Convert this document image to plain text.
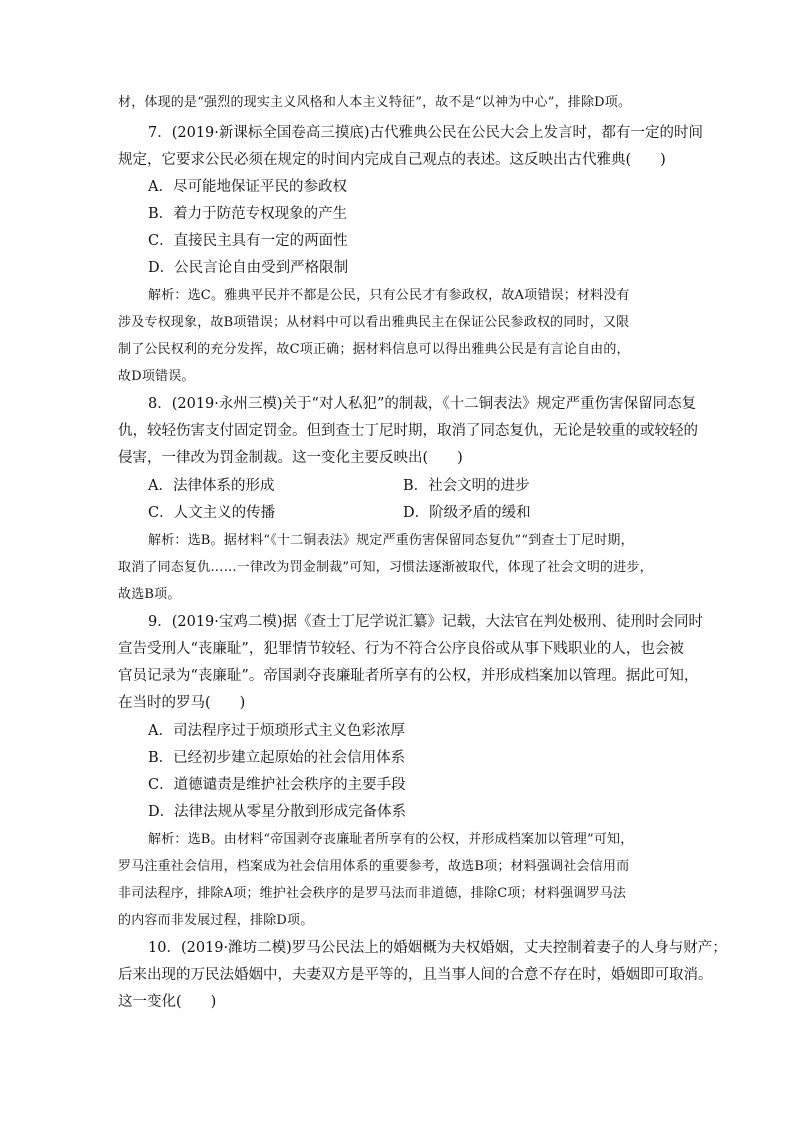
材，体现的是“强烈的现实主义风格和人本主义特征”，故不是“以神为中心”，排除D项。
7．(2019·新课标全国卷高三摸底)古代雅典公民在公民大会上发言时，都有一定的时间
规定，它要求公民必须在规定的时间内完成自己观点的表述。这反映出古代雅典(　　)
A．尽可能地保证平民的参政权
B．着力于防范专权现象的产生
C．直接民主具有一定的两面性
D．公民言论自由受到严格限制
解析：选C。雅典平民并不都是公民，只有公民才有参政权，故A项错误；材料没有
涉及专权现象，故B项错误；从材料中可以看出雅典民主在保证公民参政权的同时，又限
制了公民权利的充分发挥，故C项正确；据材料信息可以得出雅典公民是有言论自由的，
故D项错误。
8．(2019·永州三模)关于“对人私犯”的制裁，《十二铜表法》规定严重伤害保留同态复
仇，较轻伤害支付固定罚金。但到查士丁尼时期，取消了同态复仇，无论是较重的或较轻的
侵害，一律改为罚金制裁。这一变化主要反映出(　　)
A．法律体系的形成	B．社会文明的进步
C．人文主义的传播	D．阶级矛盾的缓和
解析：选B。据材料“《十二铜表法》规定严重伤害保留同态复仇”“到查士丁尼时期，
取消了同态复仇……一律改为罚金制裁”可知，习惯法逐渐被取代，体现了社会文明的进步，
故选B项。
9．(2019·宝鸡二模)据《查士丁尼学说汇纂》记载，大法官在判处极刑、徒刑时会同时
宣告受刑人“丧廉耻”，犯罪情节较轻、行为不符合公序良俗或从事下贱职业的人，也会被
官员记录为“丧廉耻”。帝国剥夺丧廉耻者所享有的公权，并形成档案加以管理。据此可知，
在当时的罗马(　　)
A．司法程序过于烦琐形式主义色彩浓厚
B．已经初步建立起原始的社会信用体系
C．道德谴责是维护社会秩序的主要手段
D．法律法规从零星分散到形成完备体系
解析：选B。由材料“帝国剥夺丧廉耻者所享有的公权，并形成档案加以管理”可知，
罗马注重社会信用，档案成为社会信用体系的重要参考，故选B项；材料强调社会信用而
非司法程序，排除A项；维护社会秩序的是罗马法而非道德，排除C项；材料强调罗马法
的内容而非发展过程，排除D项。
10．(2019·潍坊二模)罗马公民法上的婚姻概为夫权婚姻，丈夫控制着妻子的人身与财产；
后来出现的万民法婚姻中，夫妻双方是平等的，且当事人间的合意不存在时，婚姻即可取消。
这一变化(　　)
